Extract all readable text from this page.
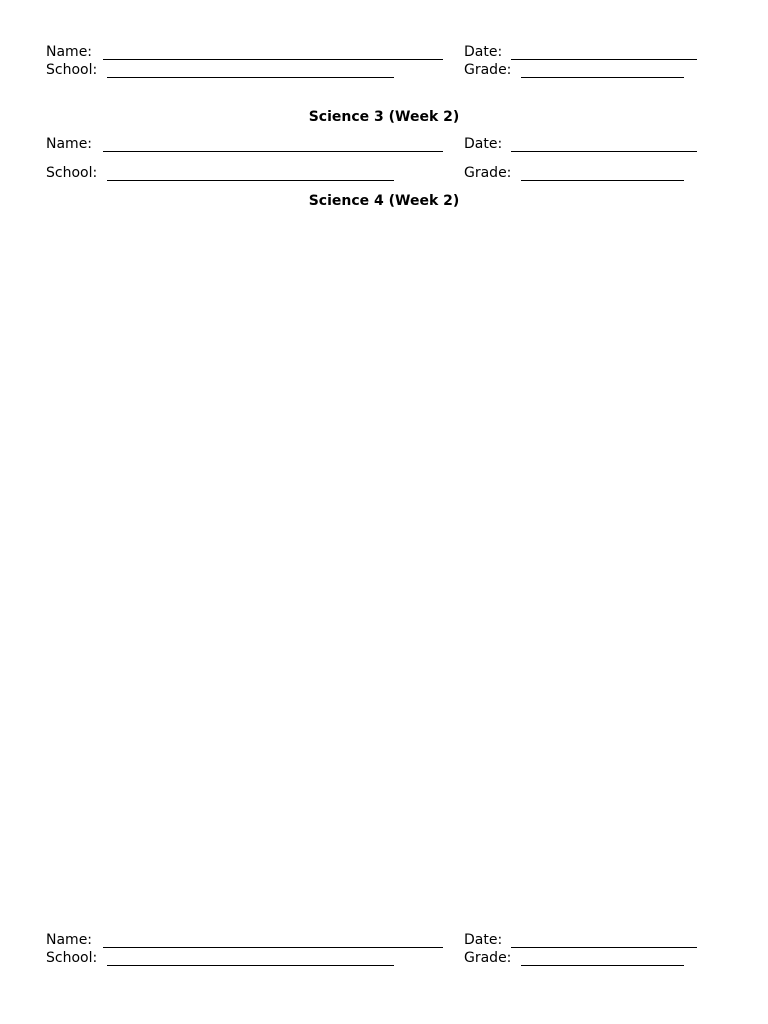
Name:	Date:
School:	Grade:
Science 3 (Week 2)
Name:	Date:
School:	Grade:
Science 4 (Week 2)
Name:	Date:
School:	Grade:
